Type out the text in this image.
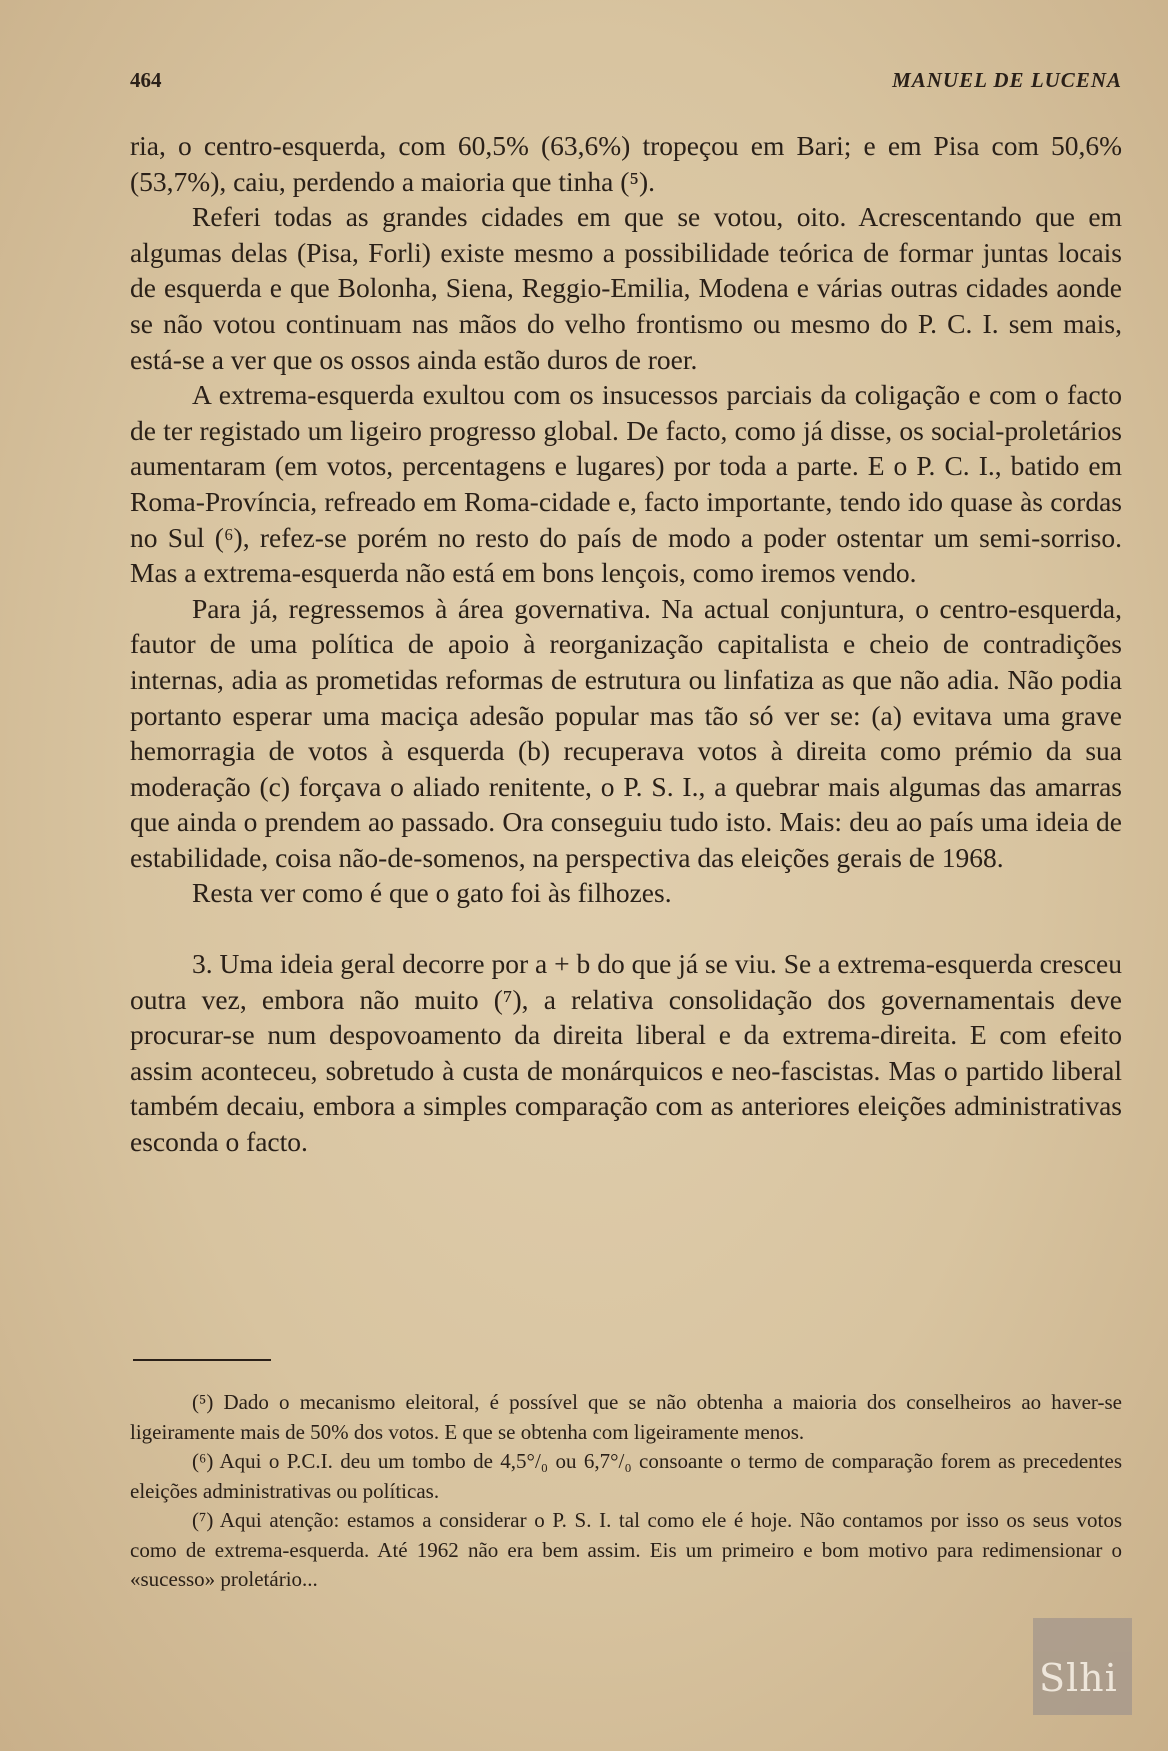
464	MANUEL DE LUCENA

ria, o centro-esquerda, com 60,5% (63,6%) tropeçou em Bari; e em Pisa com 50,6% (53,7%), caiu, perdendo a maioria que tinha (⁵).

Referi todas as grandes cidades em que se votou, oito. Acrescentando que em algumas delas (Pisa, Forli) existe mesmo a possibilidade teórica de formar juntas locais de esquerda e que Bolonha, Siena, Reggio-Emilia, Modena e várias outras cidades aonde se não votou continuam nas mãos do velho frontismo ou mesmo do P. C. I. sem mais, está-se a ver que os ossos ainda estão duros de roer.

A extrema-esquerda exultou com os insucessos parciais da coligação e com o facto de ter registado um ligeiro progresso global. De facto, como já disse, os social-proletários aumentaram (em votos, percentagens e lugares) por toda a parte. E o P. C. I., batido em Roma-Província, refreado em Roma-cidade e, facto importante, tendo ido quase às cordas no Sul (⁶), refez-se porém no resto do país de modo a poder ostentar um semi-sorriso. Mas a extrema-esquerda não está em bons lençois, como iremos vendo.

Para já, regressemos à área governativa. Na actual conjuntura, o centro-esquerda, fautor de uma política de apoio à reorganização capitalista e cheio de contradições internas, adia as prometidas reformas de estrutura ou linfatiza as que não adia. Não podia portanto esperar uma maciça adesão popular mas tão só ver se: (a) evitava uma grave hemorragia de votos à esquerda (b) recuperava votos à direita como prémio da sua moderação (c) forçava o aliado renitente, o P. S. I., a quebrar mais algumas das amarras que ainda o prendem ao passado. Ora conseguiu tudo isto. Mais: deu ao país uma ideia de estabilidade, coisa não-de-somenos, na perspectiva das eleições gerais de 1968.

Resta ver como é que o gato foi às filhozes.

3. Uma ideia geral decorre por a + b do que já se viu. Se a extrema-esquerda cresceu outra vez, embora não muito (⁷), a relativa consolidação dos governamentais deve procurar-se num despovoamento da direita liberal e da extrema-direita. E com efeito assim aconteceu, sobretudo à custa de monárquicos e neo-fascistas. Mas o partido liberal também decaiu, embora a simples comparação com as anteriores eleições administrativas esconda o facto.

(⁵) Dado o mecanismo eleitoral, é possível que se não obtenha a maioria dos conselheiros ao haver-se ligeiramente mais de 50% dos votos. E que se obtenha com ligeiramente menos.

(⁶) Aqui o P.C.I. deu um tombo de 4,5°/₀ ou 6,7°/₀ consoante o termo de comparação forem as precedentes eleições administrativas ou políticas.

(⁷) Aqui atenção: estamos a considerar o P. S. I. tal como ele é hoje. Não contamos por isso os seus votos como de extrema-esquerda. Até 1962 não era bem assim. Eis um primeiro e bom motivo para redimensionar o «sucesso» proletário...

Slhi
